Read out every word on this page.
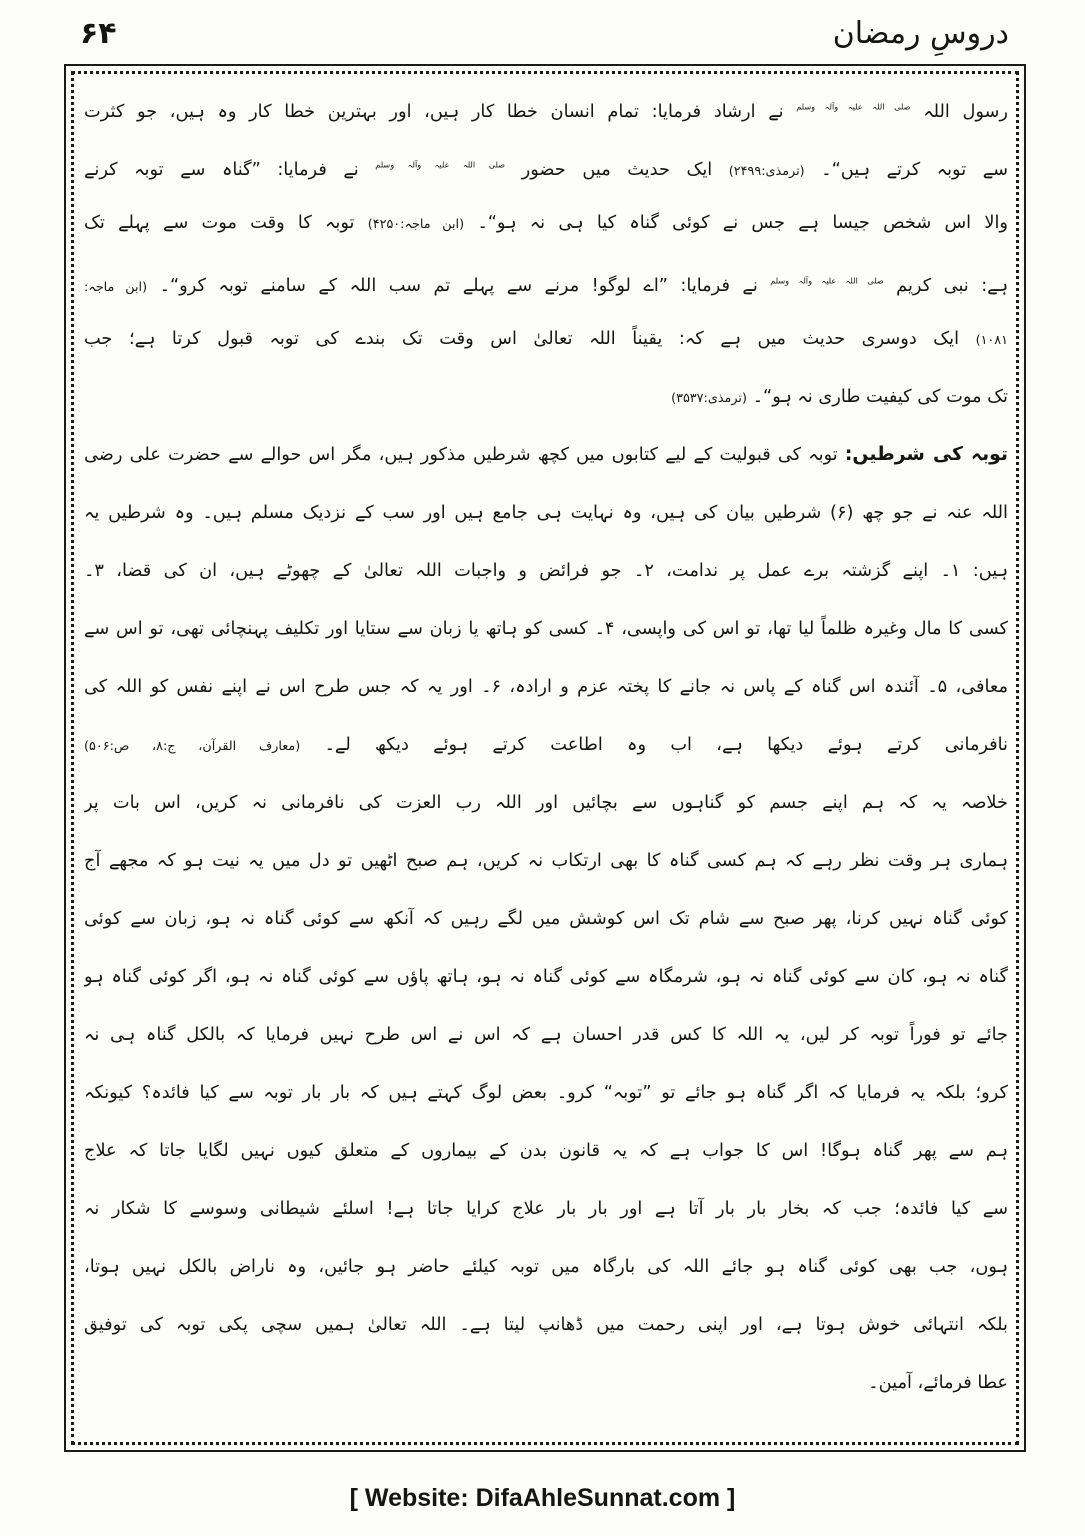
دروسِ رمضان
۶۴
رسول اللہ $^{صلی اللہ علیہ وآلہ وسلم}$ نے ارشاد فرمایا: تمام انسان خطا کار ہیں، اور بہترین خطا کار وہ ہیں، جو کثرت
سے توبہ کرتے ہیں“۔ (ترمذی:۲۴۹۹) ایک حدیث میں حضور $^{صلی اللہ علیہ وآلہ وسلم}$ نے فرمایا: ”گناہ سے توبہ کرنے
والا اس شخص جیسا ہے جس نے کوئی گناہ کیا ہی نہ ہو“۔ (ابن ماجہ:۴۲۵۰) توبہ کا وقت موت سے پہلے تک
ہے: نبی کریم $^{صلی اللہ علیہ وآلہ وسلم}$ نے فرمایا: ”اے لوگو! مرنے سے پہلے تم سب اللہ کے سامنے توبہ کرو“۔ (ابن ماجہ:
۱۰۸۱) ایک دوسری حدیث میں ہے کہ: یقیناً اللہ تعالیٰ اس وقت تک بندے کی توبہ قبول کرتا ہے؛ جب
تک موت کی کیفیت طاری نہ ہو“۔ (ترمذی:۳۵۳۷)
توبہ کی شرطیں: توبہ کی قبولیت کے لیے کتابوں میں کچھ شرطیں مذکور ہیں، مگر اس حوالے سے حضرت علی رضی
اللہ عنہ نے جو چھ (۶) شرطیں بیان کی ہیں، وہ نہایت ہی جامع ہیں اور سب کے نزدیک مسلم ہیں۔ وہ شرطیں یہ
ہیں: ۱۔ اپنے گزشتہ برے عمل پر ندامت، ۲۔ جو فرائض و واجبات اللہ تعالیٰ کے چھوٹے ہیں، ان کی قضا، ۳۔
کسی کا مال وغیرہ ظلماً لیا تھا، تو اس کی واپسی، ۴۔ کسی کو ہاتھ یا زبان سے ستایا اور تکلیف پہنچائی تھی، تو اس سے
معافی، ۵۔ آئندہ اس گناہ کے پاس نہ جانے کا پختہ عزم و ارادہ، ۶۔ اور یہ کہ جس طرح اس نے اپنے نفس کو اللہ کی
نافرمانی کرتے ہوئے دیکھا ہے، اب وہ اطاعت کرتے ہوئے دیکھ لے۔ (معارف القرآن، ج:۸، ص:۵۰۶)
خلاصہ یہ کہ ہم اپنے جسم کو گناہوں سے بچائیں اور اللہ رب العزت کی نافرمانی نہ کریں، اس بات پر
ہماری ہر وقت نظر رہے کہ ہم کسی گناہ کا بھی ارتکاب نہ کریں، ہم صبح اٹھیں تو دل میں یہ نیت ہو کہ مجھے آج
کوئی گناہ نہیں کرنا، پھر صبح سے شام تک اس کوشش میں لگے رہیں کہ آنکھ سے کوئی گناہ نہ ہو، زبان سے کوئی
گناہ نہ ہو، کان سے کوئی گناہ نہ ہو، شرمگاہ سے کوئی گناہ نہ ہو، ہاتھ پاؤں سے کوئی گناہ نہ ہو، اگر کوئی گناہ ہو
جائے تو فوراً توبہ کر لیں، یہ اللہ کا کس قدر احسان ہے کہ اس نے اس طرح نہیں فرمایا کہ بالکل گناہ ہی نہ
کرو؛ بلکہ یہ فرمایا کہ اگر گناہ ہو جائے تو ”توبہ“ کرو۔ بعض لوگ کہتے ہیں کہ بار بار توبہ سے کیا فائدہ؟ کیونکہ
ہم سے پھر گناہ ہوگا! اس کا جواب ہے کہ یہ قانون بدن کے بیماروں کے متعلق کیوں نہیں لگایا جاتا کہ علاج
سے کیا فائدہ؛ جب کہ بخار بار بار آتا ہے اور بار بار علاج کرایا جاتا ہے! اسلئے شیطانی وسوسے کا شکار نہ
ہوں، جب بھی کوئی گناہ ہو جائے اللہ کی بارگاہ میں توبہ کیلئے حاضر ہو جائیں، وہ ناراض بالکل نہیں ہوتا،
بلکہ انتہائی خوش ہوتا ہے، اور اپنی رحمت میں ڈھانپ لیتا ہے۔ اللہ تعالیٰ ہمیں سچی پکی توبہ کی توفیق
عطا فرمائے، آمین۔
[ Website: DifaAhleSunnat.com ]
